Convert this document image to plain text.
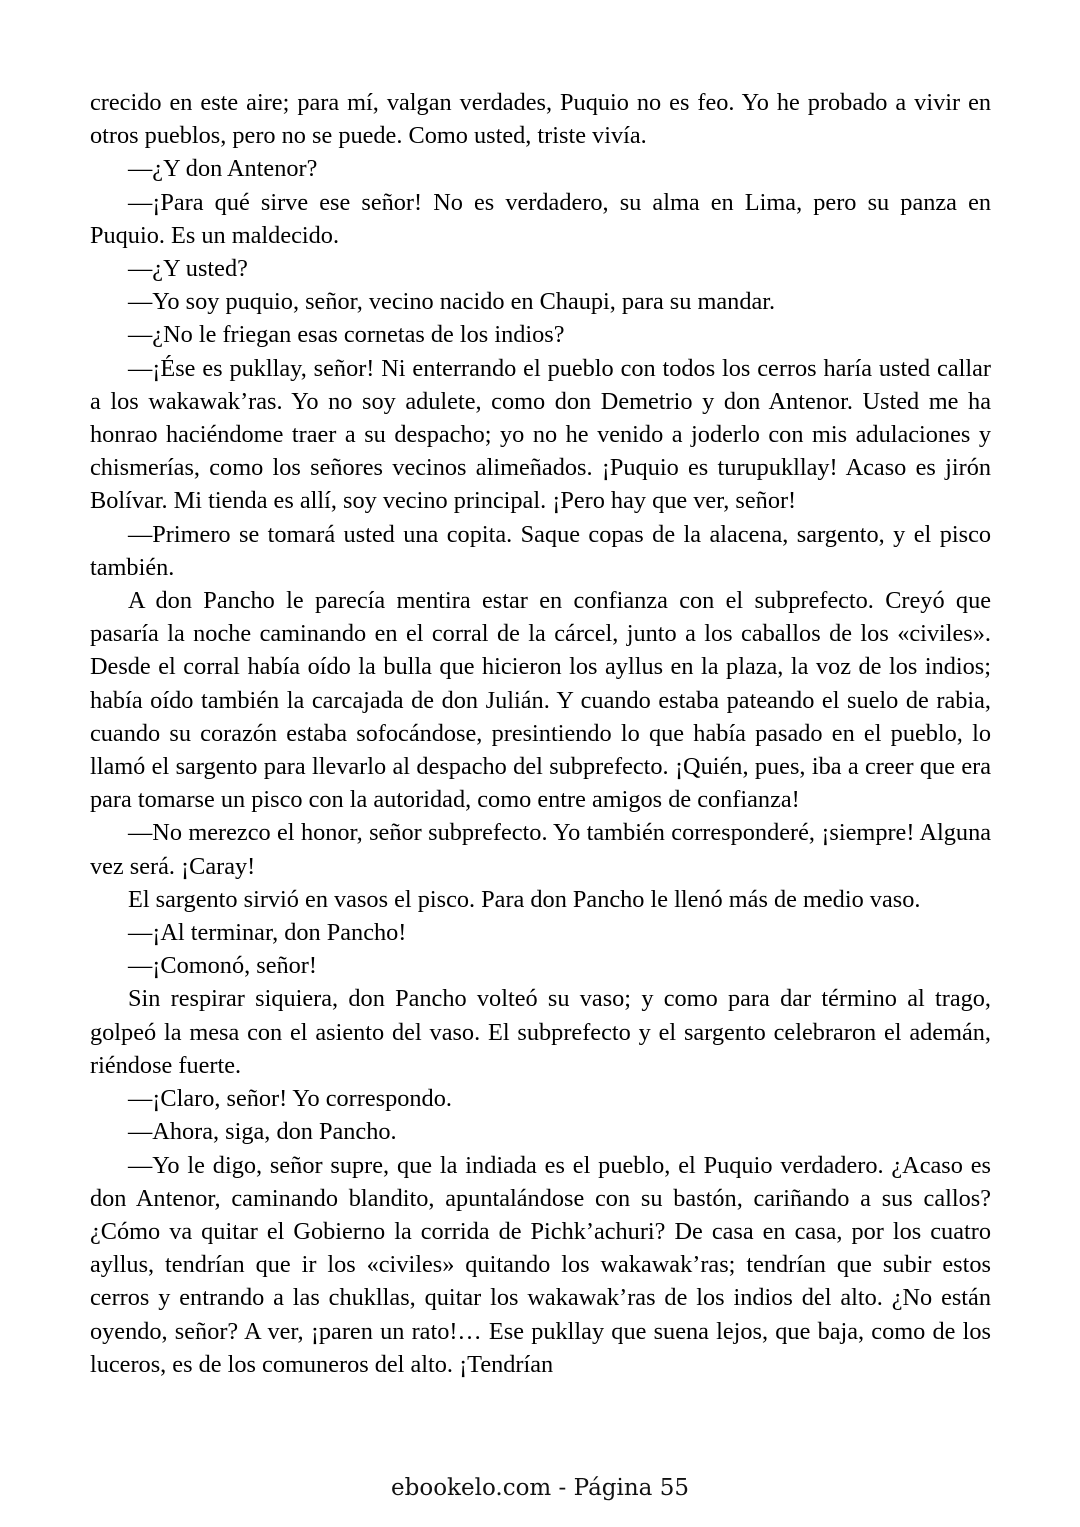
crecido en este aire; para mí, valgan verdades, Puquio no es feo. Yo he probado a vivir en otros pueblos, pero no se puede. Como usted, triste vivía.

—¿Y don Antenor?

—¡Para qué sirve ese señor! No es verdadero, su alma en Lima, pero su panza en Puquio. Es un maldecido.

—¿Y usted?

—Yo soy puquio, señor, vecino nacido en Chaupi, para su mandar.

—¿No le friegan esas cornetas de los indios?

—¡Ése es pukllay, señor! Ni enterrando el pueblo con todos los cerros haría usted callar a los wakawak’ras. Yo no soy adulete, como don Demetrio y don Antenor. Usted me ha honrao haciéndome traer a su despacho; yo no he venido a joderlo con mis adulaciones y chismerías, como los señores vecinos alimeñados. ¡Puquio es turupukllay! Acaso es jirón Bolívar. Mi tienda es allí, soy vecino principal. ¡Pero hay que ver, señor!

—Primero se tomará usted una copita. Saque copas de la alacena, sargento, y el pisco también.

A don Pancho le parecía mentira estar en confianza con el subprefecto. Creyó que pasaría la noche caminando en el corral de la cárcel, junto a los caballos de los «civiles». Desde el corral había oído la bulla que hicieron los ayllus en la plaza, la voz de los indios; había oído también la carcajada de don Julián. Y cuando estaba pateando el suelo de rabia, cuando su corazón estaba sofocándose, presintiendo lo que había pasado en el pueblo, lo llamó el sargento para llevarlo al despacho del subprefecto. ¡Quién, pues, iba a creer que era para tomarse un pisco con la autoridad, como entre amigos de confianza!

—No merezco el honor, señor subprefecto. Yo también corresponderé, ¡siempre! Alguna vez será. ¡Caray!

El sargento sirvió en vasos el pisco. Para don Pancho le llenó más de medio vaso.

—¡Al terminar, don Pancho!

—¡Comonó, señor!

Sin respirar siquiera, don Pancho volteó su vaso; y como para dar término al trago, golpeó la mesa con el asiento del vaso. El subprefecto y el sargento celebraron el ademán, riéndose fuerte.

—¡Claro, señor! Yo correspondo.

—Ahora, siga, don Pancho.

—Yo le digo, señor supre, que la indiada es el pueblo, el Puquio verdadero. ¿Acaso es don Antenor, caminando blandito, apuntalándose con su bastón, cariñando a sus callos? ¿Cómo va quitar el Gobierno la corrida de Pichk’achuri? De casa en casa, por los cuatro ayllus, tendrían que ir los «civiles» quitando los wakawak’ras; tendrían que subir estos cerros y entrando a las chukllas, quitar los wakawak’ras de los indios del alto. ¿No están oyendo, señor? A ver, ¡paren un rato!… Ese pukllay que suena lejos, que baja, como de los luceros, es de los comuneros del alto. ¡Tendrían

ebookelo.com - Página 55
